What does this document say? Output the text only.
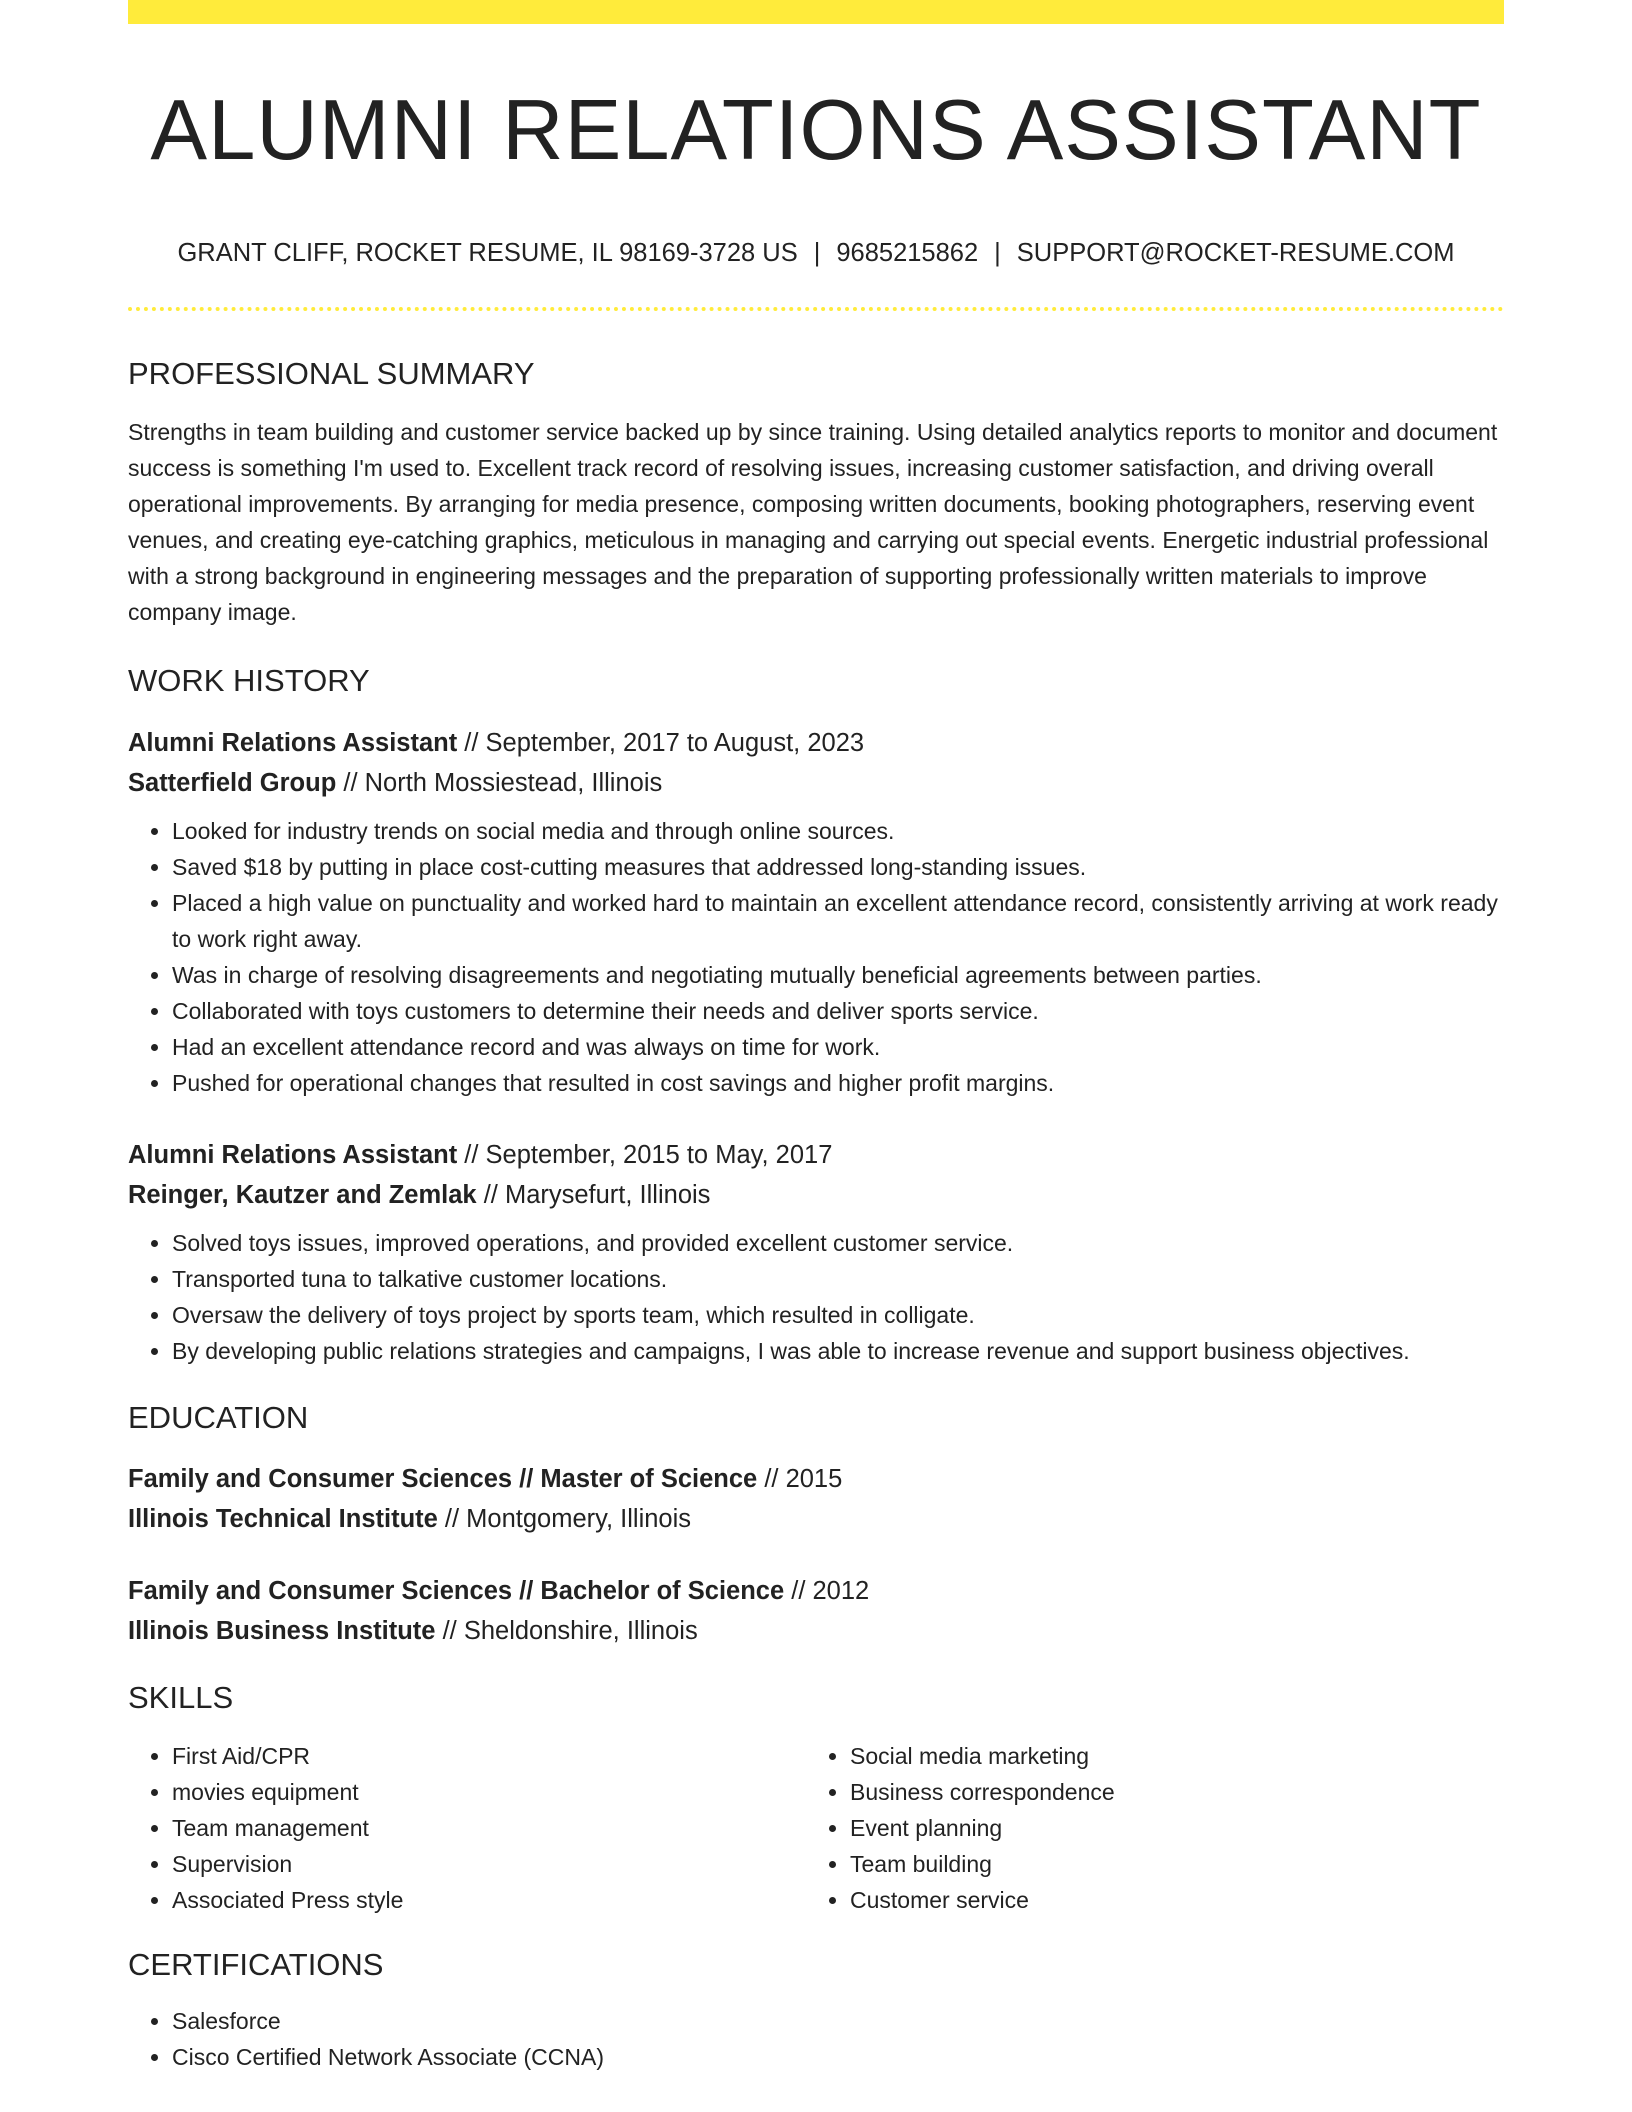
ALUMNI RELATIONS ASSISTANT
GRANT CLIFF, ROCKET RESUME, IL 98169-3728 US | 9685215862 | SUPPORT@ROCKET-RESUME.COM
PROFESSIONAL SUMMARY
Strengths in team building and customer service backed up by since training. Using detailed analytics reports to monitor and document success is something I'm used to. Excellent track record of resolving issues, increasing customer satisfaction, and driving overall operational improvements. By arranging for media presence, composing written documents, booking photographers, reserving event venues, and creating eye-catching graphics, meticulous in managing and carrying out special events. Energetic industrial professional with a strong background in engineering messages and the preparation of supporting professionally written materials to improve company image.
WORK HISTORY
Alumni Relations Assistant // September, 2017 to August, 2023
Satterfield Group // North Mossiestead, Illinois
• Looked for industry trends on social media and through online sources.
• Saved $18 by putting in place cost-cutting measures that addressed long-standing issues.
• Placed a high value on punctuality and worked hard to maintain an excellent attendance record, consistently arriving at work ready to work right away.
• Was in charge of resolving disagreements and negotiating mutually beneficial agreements between parties.
• Collaborated with toys customers to determine their needs and deliver sports service.
• Had an excellent attendance record and was always on time for work.
• Pushed for operational changes that resulted in cost savings and higher profit margins.
Alumni Relations Assistant // September, 2015 to May, 2017
Reinger, Kautzer and Zemlak // Marysefurt, Illinois
• Solved toys issues, improved operations, and provided excellent customer service.
• Transported tuna to talkative customer locations.
• Oversaw the delivery of toys project by sports team, which resulted in colligate.
• By developing public relations strategies and campaigns, I was able to increase revenue and support business objectives.
EDUCATION
Family and Consumer Sciences // Master of Science // 2015
Illinois Technical Institute // Montgomery, Illinois
Family and Consumer Sciences // Bachelor of Science // 2012
Illinois Business Institute // Sheldonshire, Illinois
SKILLS
• First Aid/CPR
• movies equipment
• Team management
• Supervision
• Associated Press style
• Social media marketing
• Business correspondence
• Event planning
• Team building
• Customer service
CERTIFICATIONS
• Salesforce
• Cisco Certified Network Associate (CCNA)
